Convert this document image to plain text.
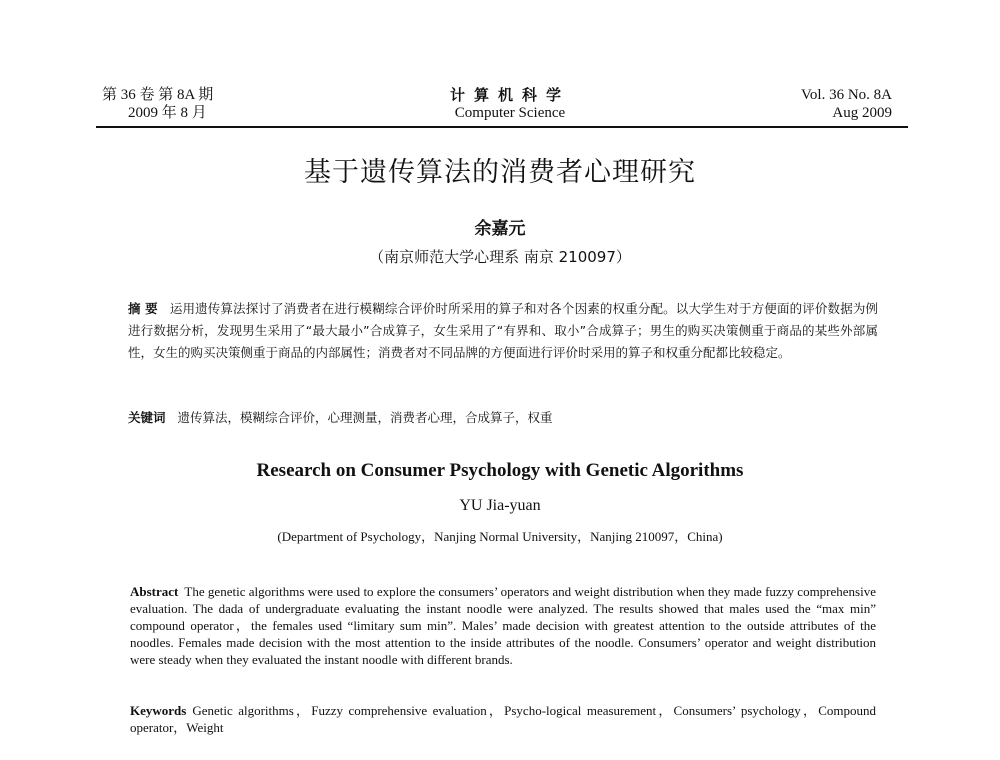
第 36 卷 第 8A 期
2009 年 8 月
计算机科学
Computer Science
Vol. 36 No. 8A
Aug 2009
基于遗传算法的消费者心理研究
余嘉元
（南京师范大学心理系 南京 210097）
摘 要 运用遗传算法探讨了消费者在进行模糊综合评价时所采用的算子和对各个因素的权重分配。以大学生对于方便面的评价数据为例进行数据分析，发现男生采用了“最大最小”合成算子，女生采用了“有界和、取小”合成算子；男生的购买决策侧重于商品的某些外部属性，女生的购买决策侧重于商品的内部属性；消费者对不同品牌的方便面进行评价时采用的算子和权重分配都比较稳定。
关键词 遗传算法，模糊综合评价，心理测量，消费者心理，合成算子，权重
Research on Consumer Psychology with Genetic Algorithms
YU Jia-yuan
(Department of Psychology，Nanjing Normal University，Nanjing 210097，China)
Abstract The genetic algorithms were used to explore the consumers’ operators and weight distribution when they made fuzzy comprehensive evaluation. The dada of undergraduate evaluating the instant noodle were analyzed. The results showed that males used the “max min” compound operator，the females used “limitary sum min”. Males’ made decision with greatest attention to the outside attributes of the noodles. Females made decision with the most attention to the inside attributes of the noodle. Consumers’ operator and weight distribution were steady when they evaluated the instant noodle with different brands.
Keywords Genetic algorithms，Fuzzy comprehensive evaluation，Psycho-logical measurement，Consumers’ psychology，Compound operator，Weight
